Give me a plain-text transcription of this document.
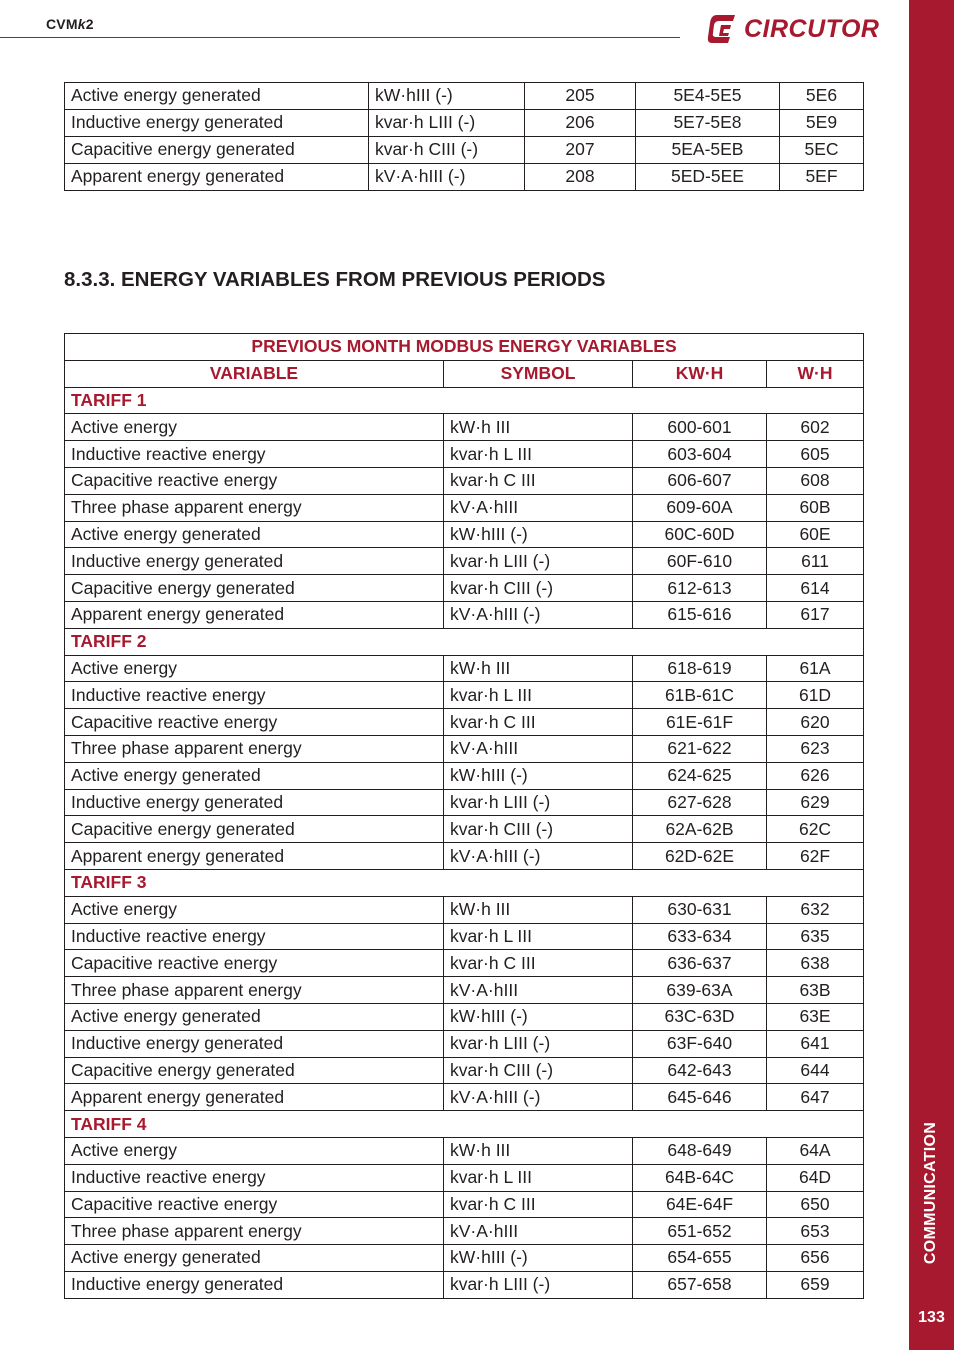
CVMk2	CIRCUTOR
COMMUNICATION
133
Active energy generated	kW·hIII (-)	205	5E4-5E5	5E6
Inductive energy generated	kvar·h LIII (-)	206	5E7-5E8	5E9
Capacitive energy generated	kvar·h CIII (-)	207	5EA-5EB	5EC
Apparent energy generated	kV·A·hIII (-)	208	5ED-5EE	5EF
8.3.3. ENERGY VARIABLES FROM PREVIOUS PERIODS
PREVIOUS MONTH MODBUS ENERGY VARIABLES			
VARIABLE	SYMBOL	KW·H	W·H
TARIFF 1			
Active energy	kW·h III	600-601	602
Inductive reactive energy	kvar·h L III	603-604	605
Capacitive reactive energy	kvar·h C III	606-607	608
Three phase apparent energy	kV·A·hIII	609-60A	60B
Active energy generated	kW·hIII (-)	60C-60D	60E
Inductive energy generated	kvar·h LIII (-)	60F-610	611
Capacitive energy generated	kvar·h CIII (-)	612-613	614
Apparent energy generated	kV·A·hIII (-)	615-616	617
TARIFF 2			
Active energy	kW·h III	618-619	61A
Inductive reactive energy	kvar·h L III	61B-61C	61D
Capacitive reactive energy	kvar·h C III	61E-61F	620
Three phase apparent energy	kV·A·hIII	621-622	623
Active energy generated	kW·hIII (-)	624-625	626
Inductive energy generated	kvar·h LIII (-)	627-628	629
Capacitive energy generated	kvar·h CIII (-)	62A-62B	62C
Apparent energy generated	kV·A·hIII (-)	62D-62E	62F
TARIFF 3			
Active energy	kW·h III	630-631	632
Inductive reactive energy	kvar·h L III	633-634	635
Capacitive reactive energy	kvar·h C III	636-637	638
Three phase apparent energy	kV·A·hIII	639-63A	63B
Active energy generated	kW·hIII (-)	63C-63D	63E
Inductive energy generated	kvar·h LIII (-)	63F-640	641
Capacitive energy generated	kvar·h CIII (-)	642-643	644
Apparent energy generated	kV·A·hIII (-)	645-646	647
TARIFF 4			
Active energy	kW·h III	648-649	64A
Inductive reactive energy	kvar·h L III	64B-64C	64D
Capacitive reactive energy	kvar·h C III	64E-64F	650
Three phase apparent energy	kV·A·hIII	651-652	653
Active energy generated	kW·hIII (-)	654-655	656
Inductive energy generated	kvar·h LIII (-)	657-658	659
